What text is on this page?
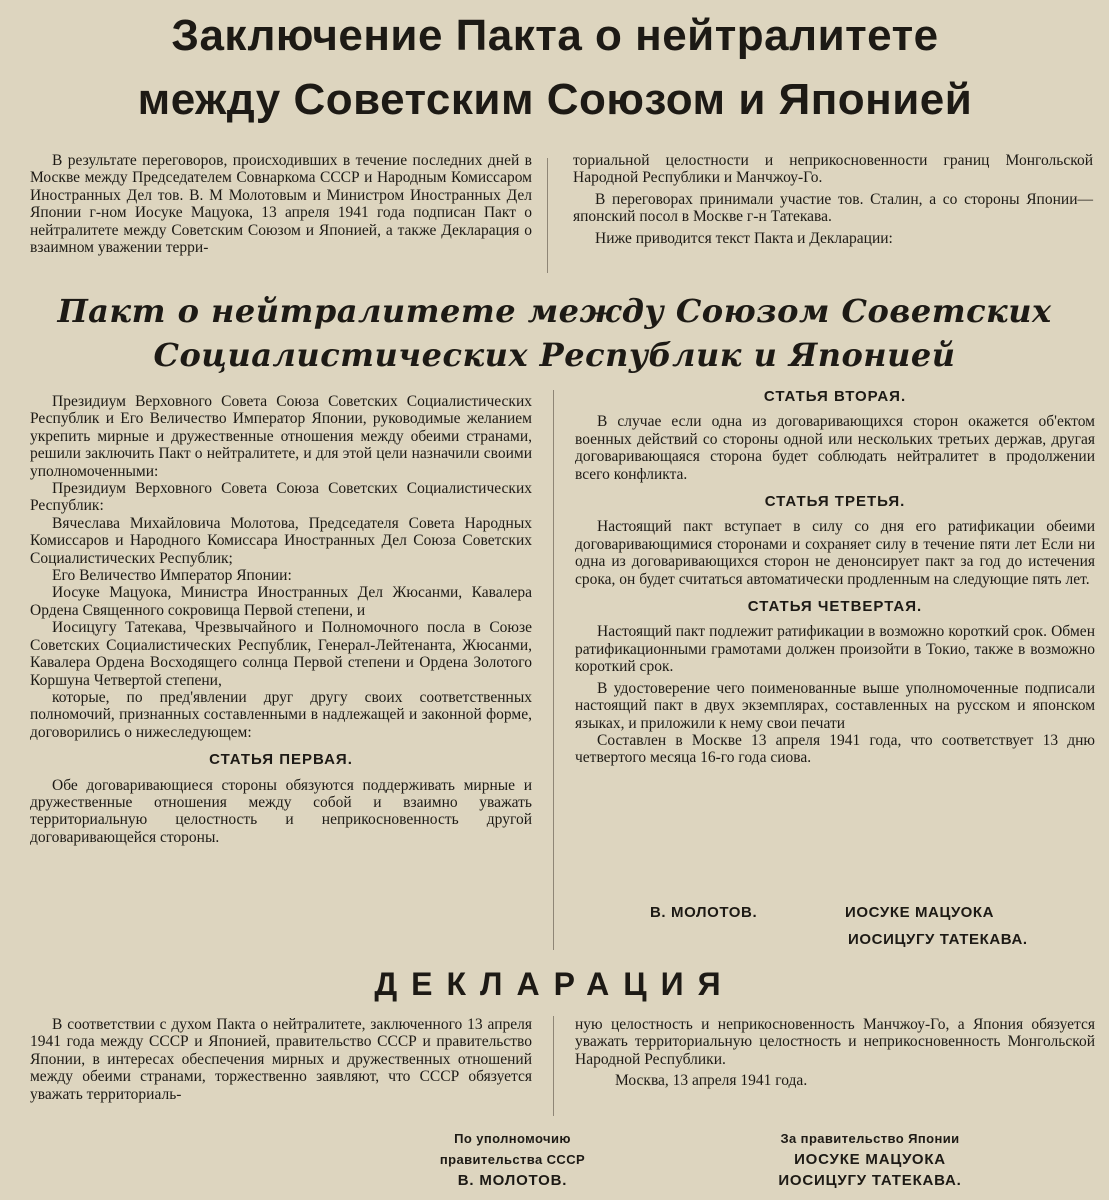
Заключение Пакта о нейтралитете
между Советским Союзом и Японией

В результате переговоров, происходивших в течение последних дней в Москве между Председателем Совнаркома СССР и Народным Комиссаром Иностранных Дел тов. В. М Молотовым и Министром Иностранных Дел Японии г-ном Иосуке Мацуока, 13 апреля 1941 года подписан Пакт о нейтралитете между Советским Союзом и Японией, а также Декларация о взаимном уважении терри-

ториальной целостности и неприкосновенности границ Монгольской Народной Республики и Манчжоу-Го.

В переговорах принимали участие тов. Сталин, а со стороны Японии—японский посол в Москве г-н Татекава.

Ниже приводится текст Пакта и Декларации:

Пакт о нейтралитете между Союзом Советских
Социалистических Республик и Японией

Президиум Верховного Совета Союза Советских Социалистических Республик и Его Величество Император Японии, руководимые желанием укрепить мирные и дружественные отношения между обеими странами, решили заключить Пакт о нейтралитете, и для этой цели назначили своими уполномоченными:

Президиум Верховного Совета Союза Советских Социалистических Республик:

Вячеслава Михайловича Молотова, Председателя Совета Народных Комиссаров и Народного Комиссара Иностранных Дел Союза Советских Социалистических Республик;

Его Величество Император Японии:

Иосуке Мацуока, Министра Иностранных Дел Жюсанми, Кавалера Ордена Священного сокровища Первой степени, и

Иосицугу Татекава, Чрезвычайного и Полномочного посла в Союзе Советских Социалистических Республик, Генерал-Лейтенанта, Жюсанми, Кавалера Ордена Восходящего солнца Первой степени и Ордена Золотого Коршуна Четвертой степени,

которые, по пред'явлении друг другу своих соответственных полномочий, признанных составленными в надлежащей и законной форме, договорились о нижеследующем:

СТАТЬЯ ПЕРВАЯ.

Обе договаривающиеся стороны обязуются поддерживать мирные и дружественные отношения между собой и взаимно уважать территориальную целостность и неприкосновенность другой договаривающейся стороны.

СТАТЬЯ ВТОРАЯ.

В случае если одна из договаривающихся сторон окажется об'ектом военных действий со стороны одной или нескольких третьих держав, другая договаривающаяся сторона будет соблюдать нейтралитет в продолжении всего конфликта.

СТАТЬЯ ТРЕТЬЯ.

Настоящий пакт вступает в силу со дня его ратификации обеими договаривающимися сторонами и сохраняет силу в течение пяти лет Если ни одна из договаривающихся сторон не денонсирует пакт за год до истечения срока, он будет считаться автоматически продленным на следующие пять лет.

СТАТЬЯ ЧЕТВЕРТАЯ.

Настоящий пакт подлежит ратификации в возможно короткий срок. Обмен ратификационными грамотами должен произойти в Токио, также в возможно короткий срок.

В удостоверение чего поименованные выше уполномоченные подписали настоящий пакт в двух экземплярах, составленных на русском и японском языках, и приложили к нему свои печати

Составлен в Москве 13 апреля 1941 года, что соответствует 13 дню четвертого месяца 16-го года сиова.

В. МОЛОТОВ.	ИОСУКЕ МАЦУОКА
ИОСИЦУГУ ТАТЕКАВА.
ДЕКЛАРАЦИЯ

В соответствии с духом Пакта о нейтралитете, заключенного 13 апреля 1941 года между СССР и Японией, правительство СССР и правительство Японии, в интересах обеспечения мирных и дружественных отношений между обеими странами, торжественно заявляют, что СССР обязуется уважать территориаль-

ную целостность и неприкосновенность Манчжоу-Го, а Япония обязуется уважать территориальную целостность и неприкосновенность Монгольской Народной Республики.

Москва, 13 апреля 1941 года.

По уполномочию
правительства СССР
В. МОЛОТОВ.
За правительство Японии
ИОСУКЕ МАЦУОКА
ИОСИЦУГУ ТАТЕКАВА.
